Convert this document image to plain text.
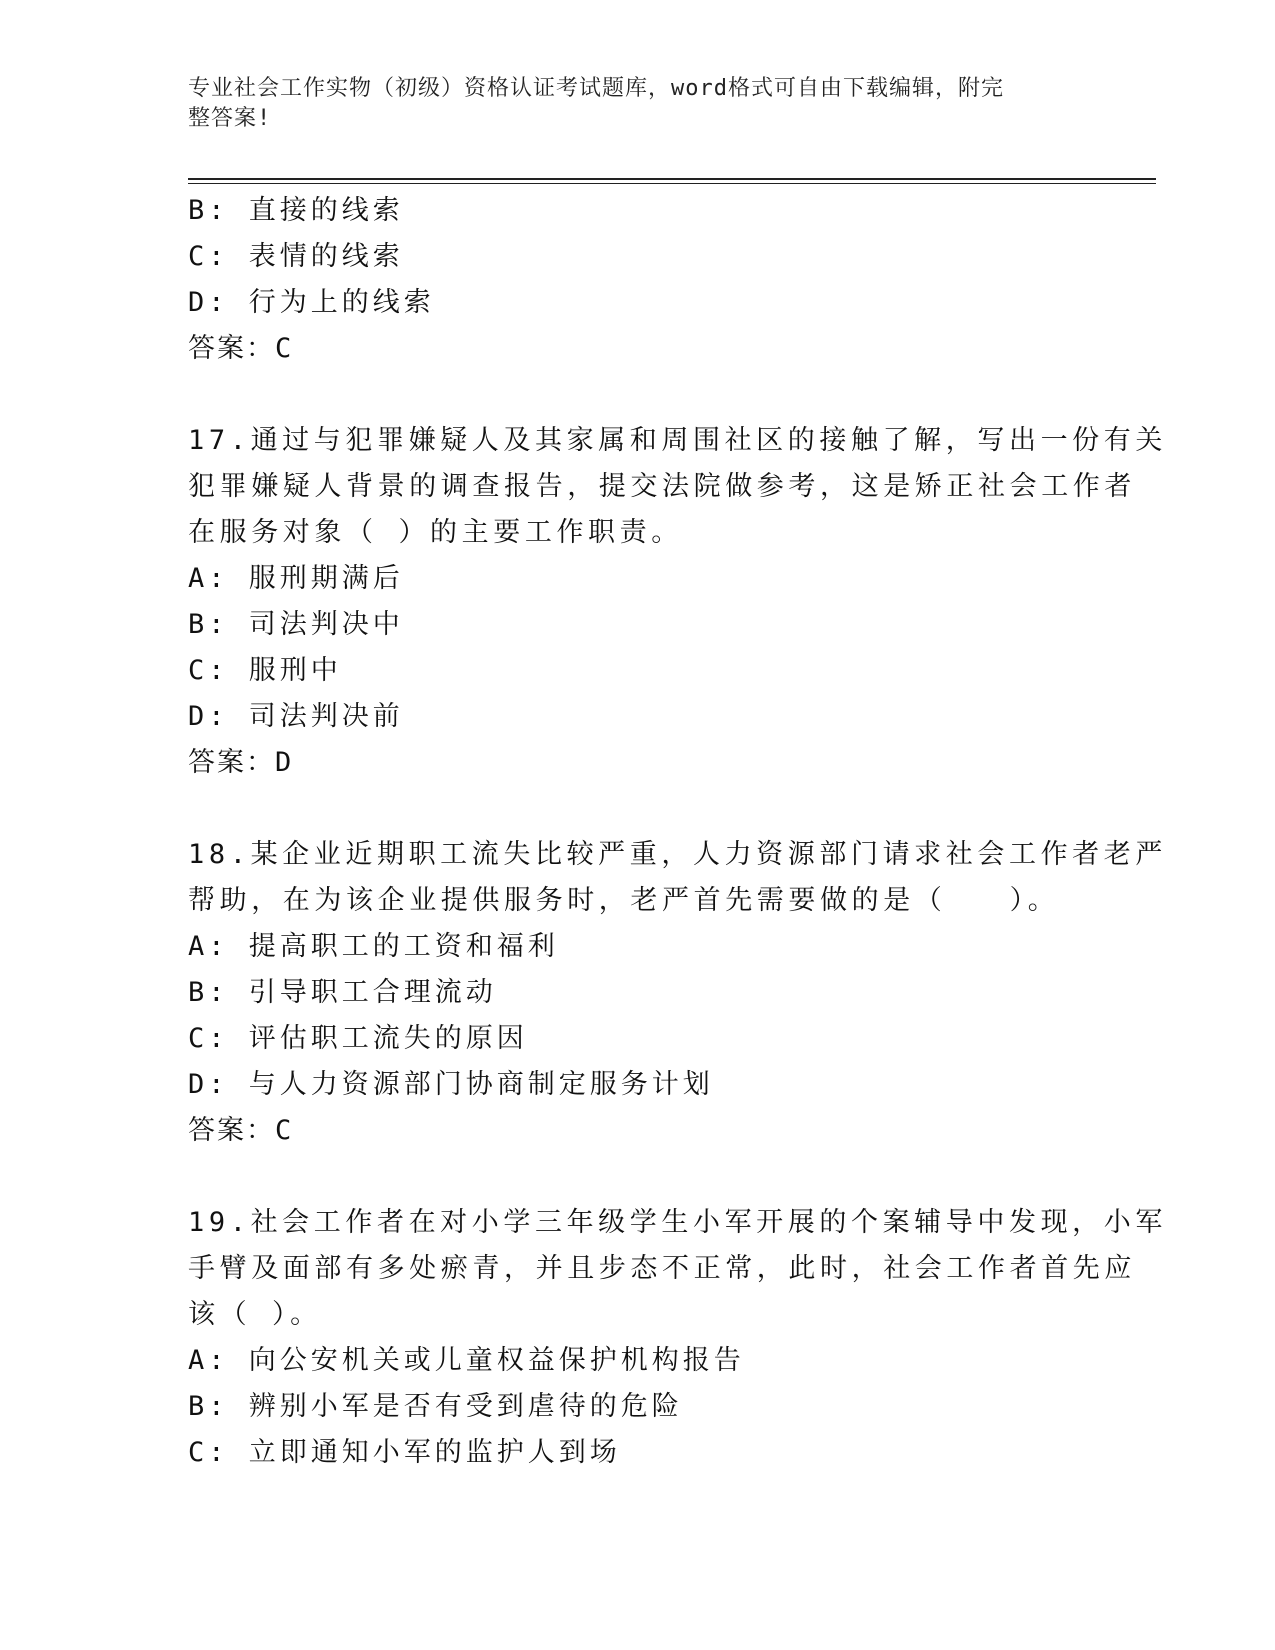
专业社会工作实物（初级）资格认证考试题库，word格式可自由下载编辑，附完
整答案!
B: 直接的线索
C: 表情的线索
D: 行为上的线索
答案：C
17.通过与犯罪嫌疑人及其家属和周围社区的接触了解，写出一份有关
犯罪嫌疑人背景的调查报告，提交法院做参考，这是矫正社会工作者
在服务对象（ ）的主要工作职责。
A: 服刑期满后
B: 司法判决中
C: 服刑中
D: 司法判决前
答案：D
18.某企业近期职工流失比较严重，人力资源部门请求社会工作者老严
帮助，在为该企业提供服务时，老严首先需要做的是（　　）。
A: 提高职工的工资和福利
B: 引导职工合理流动
C: 评估职工流失的原因
D: 与人力资源部门协商制定服务计划
答案：C
19.社会工作者在对小学三年级学生小军开展的个案辅导中发现，小军
手臂及面部有多处瘀青，并且步态不正常，此时，社会工作者首先应
该（ ）。
A: 向公安机关或儿童权益保护机构报告
B: 辨别小军是否有受到虐待的危险
C: 立即通知小军的监护人到场
